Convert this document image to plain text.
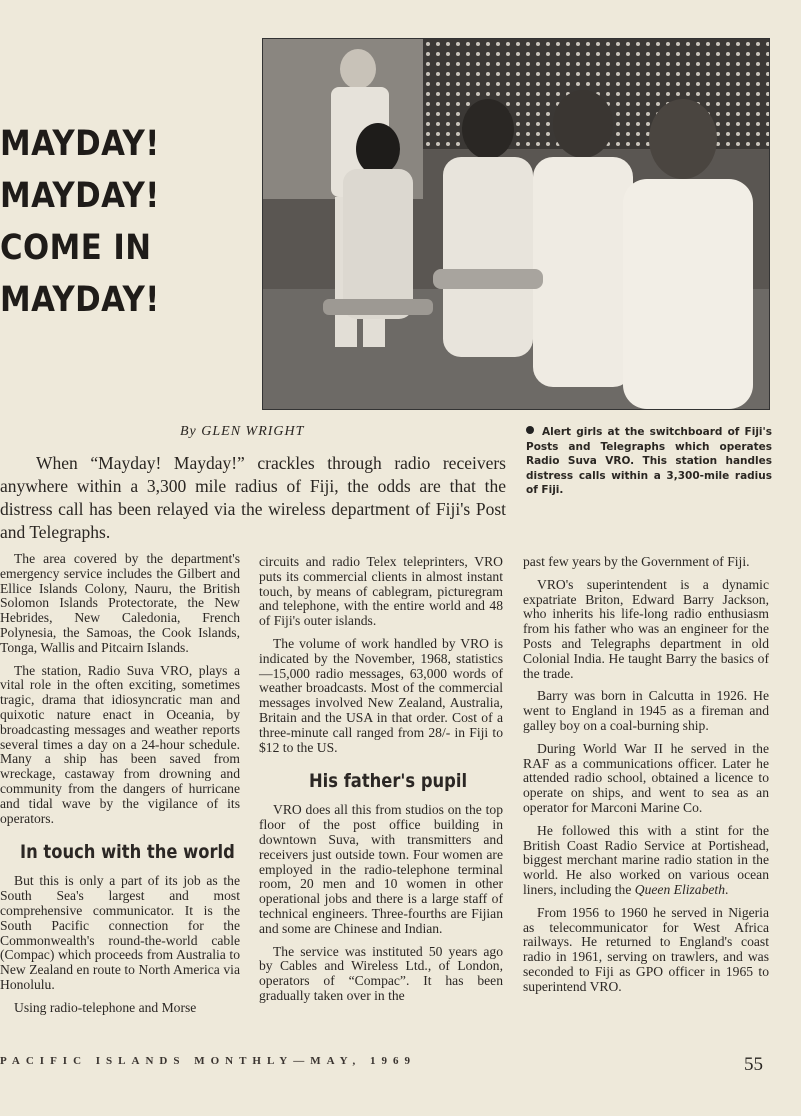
MAYDAY!
MAYDAY!
COME IN
MAYDAY!
By GLEN WRIGHT	Alert girls at the switchboard of Fiji's Posts and Telegraphs which operates Radio Suva VRO. This station handles distress calls within a 3,300-mile radius of Fiji.

When “Mayday! Mayday!” crackles through radio receivers anywhere within a 3,300 mile radius of Fiji, the odds are that the distress call has been relayed via the wireless department of Fiji's Post and Telegraphs.

The area covered by the department's emergency service includes the Gilbert and Ellice Islands Colony, Nauru, the British Solomon Islands Protectorate, the New Hebrides, New Caledonia, French Polynesia, the Samoas, the Cook Islands, Tonga, Wallis and Pitcairn Islands.

The station, Radio Suva VRO, plays a vital role in the often exciting, sometimes tragic, drama that idiosyncratic man and quixotic nature enact in Oceania, by broadcasting messages and weather reports several times a day on a 24-hour schedule. Many a ship has been saved from wreckage, castaway from drowning and community from the dangers of hurricane and tidal wave by the vigilance of its operators.

In touch with the world

But this is only a part of its job as the South Sea's largest and most comprehensive communicator. It is the South Pacific connection for the Commonwealth's round-the-world cable (Compac) which proceeds from Australia to New Zealand en route to North America via Honolulu.

Using radio-telephone and Morse

circuits and radio Telex teleprinters, VRO puts its commercial clients in almost instant touch, by means of cablegram, picturegram and telephone, with the entire world and 48 of Fiji's outer islands.

The volume of work handled by VRO is indicated by the November, 1968, statistics—15,000 radio messages, 63,000 words of weather broadcasts. Most of the commercial messages involved New Zealand, Australia, Britain and the USA in that order. Cost of a three-minute call ranged from 28/- in Fiji to $12 to the US.

His father's pupil

VRO does all this from studios on the top floor of the post office building in downtown Suva, with transmitters and receivers just outside town. Four women are employed in the radio-telephone terminal room, 20 men and 10 women in other operational jobs and there is a large staff of technical engineers. Three-fourths are Fijian and some are Chinese and Indian.

The service was instituted 50 years ago by Cables and Wireless Ltd., of London, operators of “Compac”. It has been gradually taken over in the

past few years by the Government of Fiji.

VRO's superintendent is a dynamic expatriate Briton, Edward Barry Jackson, who inherits his life-long radio enthusiasm from his father who was an engineer for the Posts and Telegraphs department in old Colonial India. He taught Barry the basics of the trade.

Barry was born in Calcutta in 1926. He went to England in 1945 as a fireman and galley boy on a coal-burning ship.

During World War II he served in the RAF as a communications officer. Later he attended radio school, obtained a licence to operate on ships, and went to sea as an operator for Marconi Marine Co.

He followed this with a stint for the British Coast Radio Service at Portishead, biggest merchant marine radio station in the world. He also worked on various ocean liners, including the Queen Elizabeth.

From 1956 to 1960 he served in Nigeria as telecommunicator for West Africa railways. He returned to England's coast radio in 1961, serving on trawlers, and was seconded to Fiji as GPO officer in 1965 to superintend VRO.

PACIFIC ISLANDS MONTHLY—MAY, 1969	55
